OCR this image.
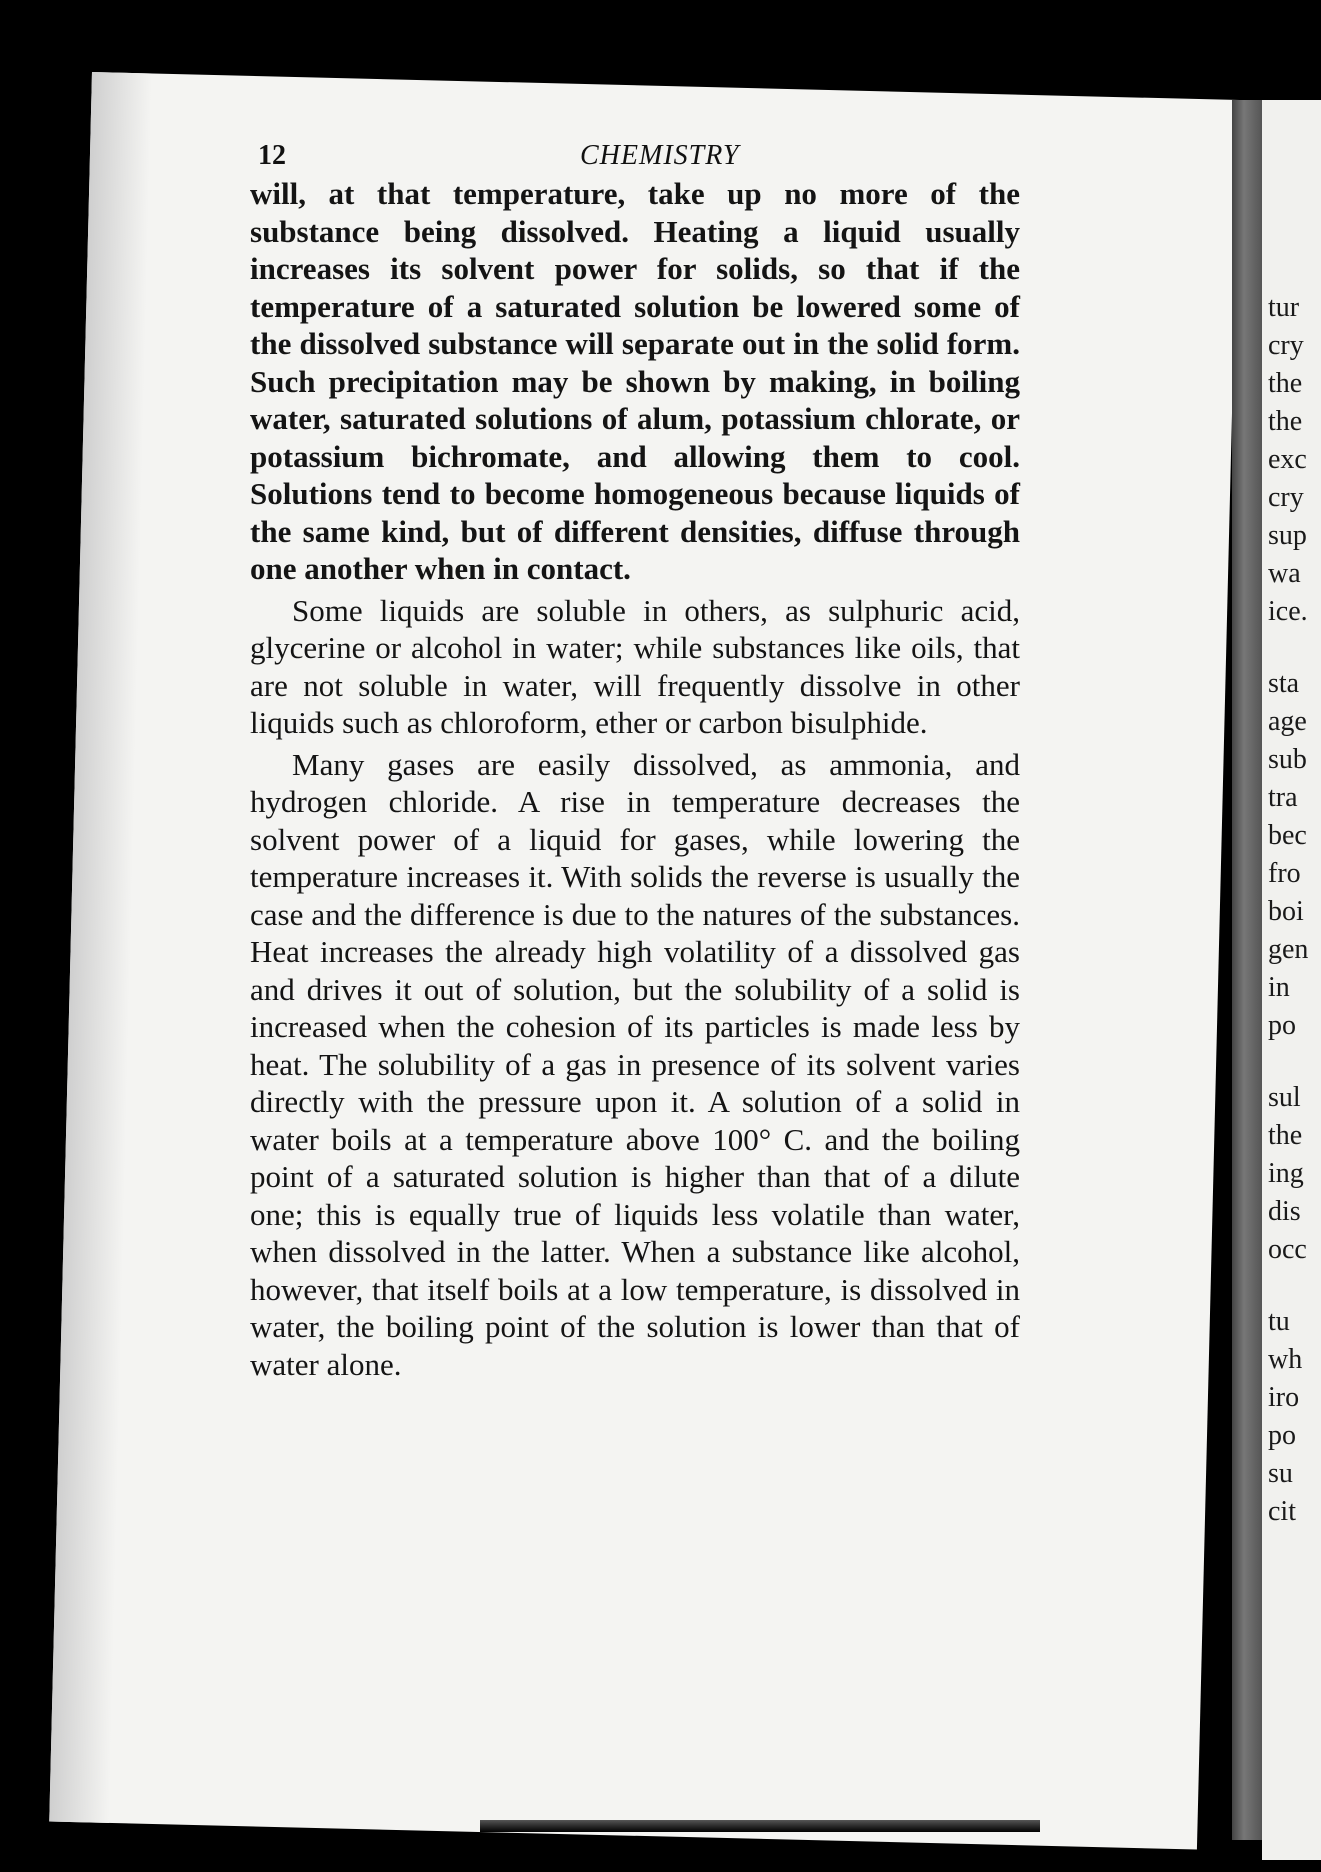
12	CHEMISTRY

will, at that temperature, take up no more of the substance being dissolved. Heating a liquid usually increases its solvent power for solids, so that if the temperature of a saturated solution be lowered some of the dissolved substance will separate out in the solid form. Such precipitation may be shown by making, in boiling water, saturated solutions of alum, potassium chlorate, or potassium bichromate, and allowing them to cool. Solutions tend to become homogeneous because liquids of the same kind, but of different densities, diffuse through one another when in contact.

Some liquids are soluble in others, as sulphuric acid, glycerine or alcohol in water; while substances like oils, that are not soluble in water, will frequently dissolve in other liquids such as chloroform, ether or carbon bisulphide.

Many gases are easily dissolved, as ammonia, and hydrogen chloride. A rise in temperature decreases the solvent power of a liquid for gases, while lowering the temperature increases it. With solids the reverse is usually the case and the difference is due to the natures of the substances. Heat increases the already high volatility of a dissolved gas and drives it out of solution, but the solubility of a solid is increased when the cohesion of its particles is made less by heat. The solubility of a gas in presence of its solvent varies directly with the pressure upon it. A solution of a solid in water boils at a temperature above 100° C. and the boiling point of a saturated solution is higher than that of a dilute one; this is equally true of liquids less volatile than water, when dissolved in the latter. When a substance like alcohol, however, that itself boils at a low temperature, is dissolved in water, the boiling point of the solution is lower than that of water alone.

tur
cry
the
the
exc
cry
sup
wa
ice.
sta
age
sub
tra
bec
fro
boi
gen
in
po
sul
the
ing
dis
occ
tu
wh
iro
po
su
cit
